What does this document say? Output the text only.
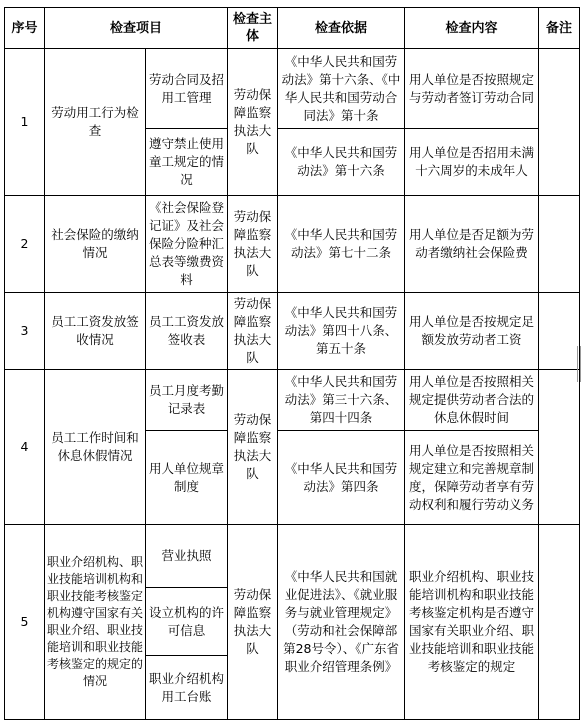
序号	检查项目		检查主体	检查依据	检查内容	备注
1	劳动用工行为检查	劳动合同及招用工管理	劳动保障监察执法大队	《中华人民共和国劳动法》第十六条、《中华人民共和国劳动合同法》第十条	用人单位是否按照规定与劳动者签订劳动合同	
		遵守禁止使用童工规定的情况		《中华人民共和国劳动法》第十六条	用人单位是否招用未满十六周岁的未成年人	
2	社会保险的缴纳情况	《社会保险登记证》及社会保险分险种汇总表等缴费资料	劳动保障监察执法大队	《中华人民共和国劳动法》第七十二条	用人单位是否足额为劳动者缴纳社会保险费	
3	员工工资发放签收情况	员工工资发放签收表	劳动保障监察执法大队	《中华人民共和国劳动法》第四十八条、第五十条	用人单位是否按规定足额发放劳动者工资	
4	员工工作时间和休息休假情况	员工月度考勤记录表	劳动保障监察执法大队	《中华人民共和国劳动法》第三十六条、第四十四条	用人单位是否按照相关规定提供劳动者合法的休息休假时间	
		用人单位规章制度		《中华人民共和国劳动法》第四条	用人单位是否按照相关规定建立和完善规章制度，保障劳动者享有劳动权利和履行劳动义务	
5	职业介绍机构、职业技能培训机构和职业技能考核鉴定机构遵守国家有关职业介绍、职业技能培训和职业技能考核鉴定的规定的情况	营业执照	劳动保障监察执法大队	《中华人民共和国就业促进法》、《就业服务与就业管理规定》（劳动和社会保障部第28号令）、《广东省职业介绍管理条例》	职业介绍机构、职业技能培训机构和职业技能考核鉴定机构是否遵守国家有关职业介绍、职业技能培训和职业技能考核鉴定的规定	
		设立机构的许可信息				
		职业介绍机构用工台账				
